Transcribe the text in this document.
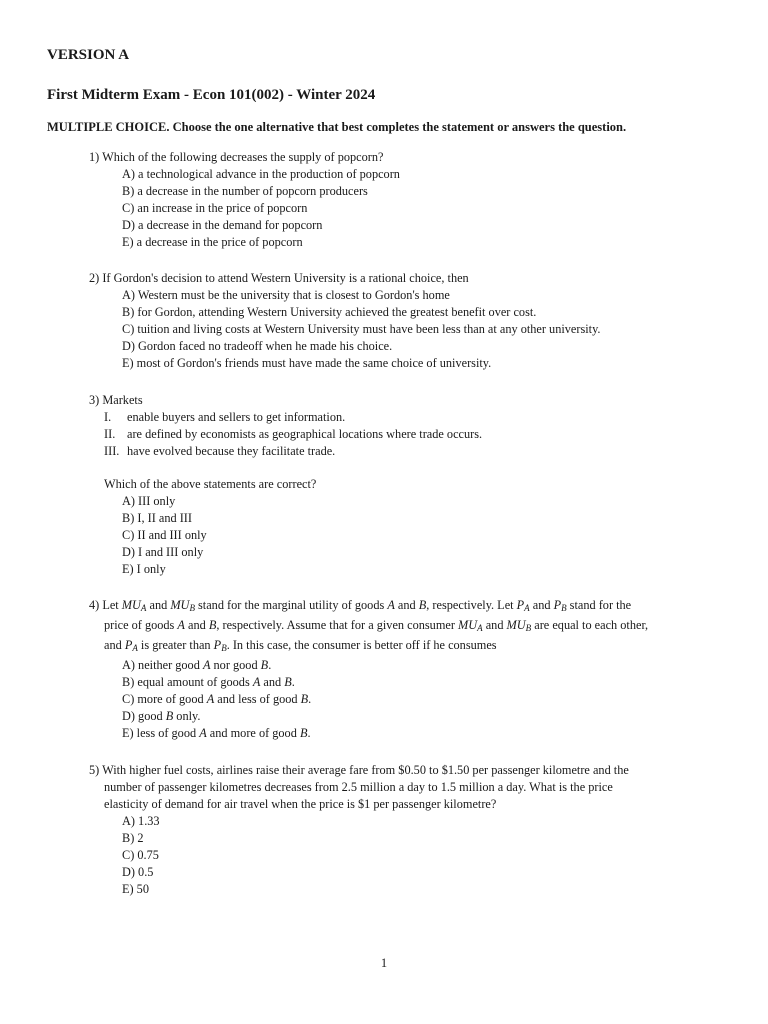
VERSION A
First Midterm Exam - Econ 101(002) - Winter 2024
MULTIPLE CHOICE. Choose the one alternative that best completes the statement or answers the question.
1) Which of the following decreases the supply of popcorn?
A) a technological advance in the production of popcorn
B) a decrease in the number of popcorn producers
C) an increase in the price of popcorn
D) a decrease in the demand for popcorn
E) a decrease in the price of popcorn
2) If Gordon's decision to attend Western University is a rational choice, then
A) Western must be the university that is closest to Gordon's home
B) for Gordon, attending Western University achieved the greatest benefit over cost.
C) tuition and living costs at Western University must have been less than at any other university.
D) Gordon faced no tradeoff when he made his choice.
E) most of Gordon's friends must have made the same choice of university.
3) Markets
I. enable buyers and sellers to get information.
II. are defined by economists as geographical locations where trade occurs.
III. have evolved because they facilitate trade.
Which of the above statements are correct?
A) III only
B) I, II and III
C) II and III only
D) I and III only
E) I only
4) Let $MU_A$ and $MU_B$ stand for the marginal utility of goods A and B, respectively. Let $P_A$ and $P_B$ stand for the
price of goods A and B, respectively. Assume that for a given consumer $MU_A$ and $MU_B$ are equal to each other,
and $P_A$ is greater than $P_B$. In this case, the consumer is better off if he consumes
A) neither good A nor good B.
B) equal amount of goods A and B.
C) more of good A and less of good B.
D) good B only.
E) less of good A and more of good B.
5) With higher fuel costs, airlines raise their average fare from $0.50 to $1.50 per passenger kilometre and the
number of passenger kilometres decreases from 2.5 million a day to 1.5 million a day. What is the price
elasticity of demand for air travel when the price is $1 per passenger kilometre?
A) 1.33
B) 2
C) 0.75
D) 0.5
E) 50
1
